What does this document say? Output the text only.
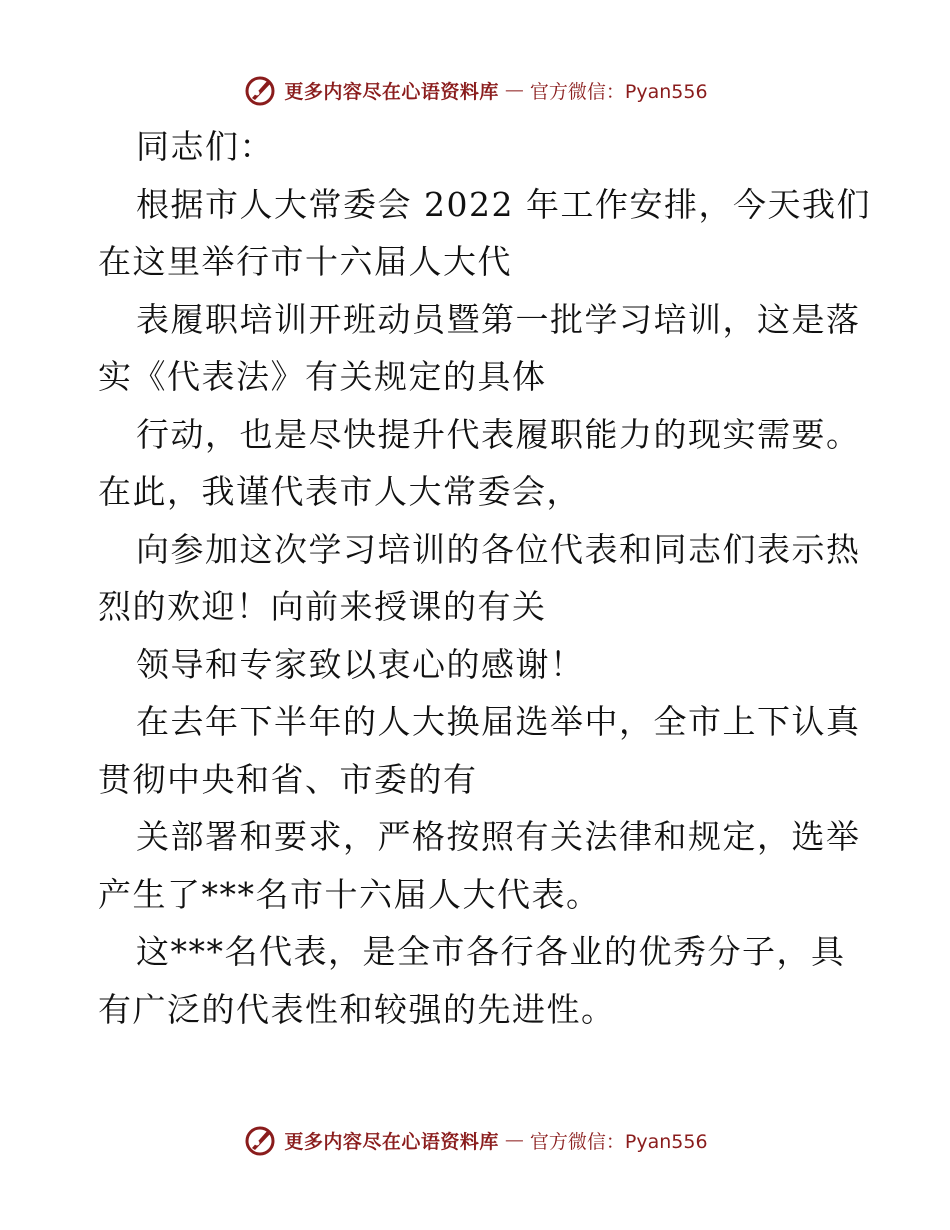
更多内容尽在心语资料库 — 官方微信：Pyan556
同志们：
根据市人大常委会 2022 年工作安排，今天我们
在这里举行市十六届人大代
表履职培训开班动员暨第一批学习培训，这是落
实《代表法》有关规定的具体
行动，也是尽快提升代表履职能力的现实需要。
在此，我谨代表市人大常委会，
向参加这次学习培训的各位代表和同志们表示热
烈的欢迎！向前来授课的有关
领导和专家致以衷心的感谢！
在去年下半年的人大换届选举中，全市上下认真
贯彻中央和省、市委的有
关部署和要求，严格按照有关法律和规定，选举
产生了***名市十六届人大代表。
这***名代表，是全市各行各业的优秀分子，具
有广泛的代表性和较强的先进性。
更多内容尽在心语资料库 — 官方微信：Pyan556
